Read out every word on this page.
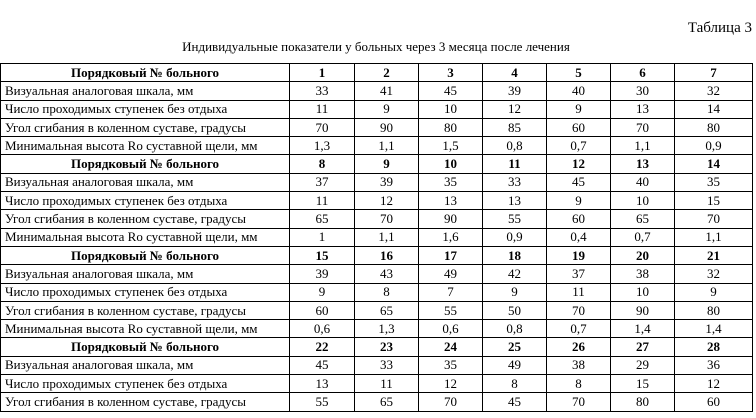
Таблица 3
Индивидуальные показатели у больных через 3 месяца после лечения
Порядковый № больного	1	2	3	4	5	6	7
Визуальная аналоговая шкала, мм	33	41	45	39	40	30	32
Число проходимых ступенек без отдыха	11	9	10	12	9	13	14
Угол сгибания в коленном суставе, градусы	70	90	80	85	60	70	80
Минимальная высота Ro суставной щели, мм	1,3	1,1	1,5	0,8	0,7	1,1	0,9
Порядковый № больного	8	9	10	11	12	13	14
Визуальная аналоговая шкала, мм	37	39	35	33	45	40	35
Число проходимых ступенек без отдыха	11	12	13	13	9	10	15
Угол сгибания в коленном суставе, градусы	65	70	90	55	60	65	70
Минимальная высота Ro суставной щели, мм	1	1,1	1,6	0,9	0,4	0,7	1,1
Порядковый № больного	15	16	17	18	19	20	21
Визуальная аналоговая шкала, мм	39	43	49	42	37	38	32
Число проходимых ступенек без отдыха	9	8	7	9	11	10	9
Угол сгибания в коленном суставе, градусы	60	65	55	50	70	90	80
Минимальная высота Ro суставной щели, мм	0,6	1,3	0,6	0,8	0,7	1,4	1,4
Порядковый № больного	22	23	24	25	26	27	28
Визуальная аналоговая шкала, мм	45	33	35	49	38	29	36
Число проходимых ступенек без отдыха	13	11	12	8	8	15	12
Угол сгибания в коленном суставе, градусы	55	65	70	45	70	80	60
